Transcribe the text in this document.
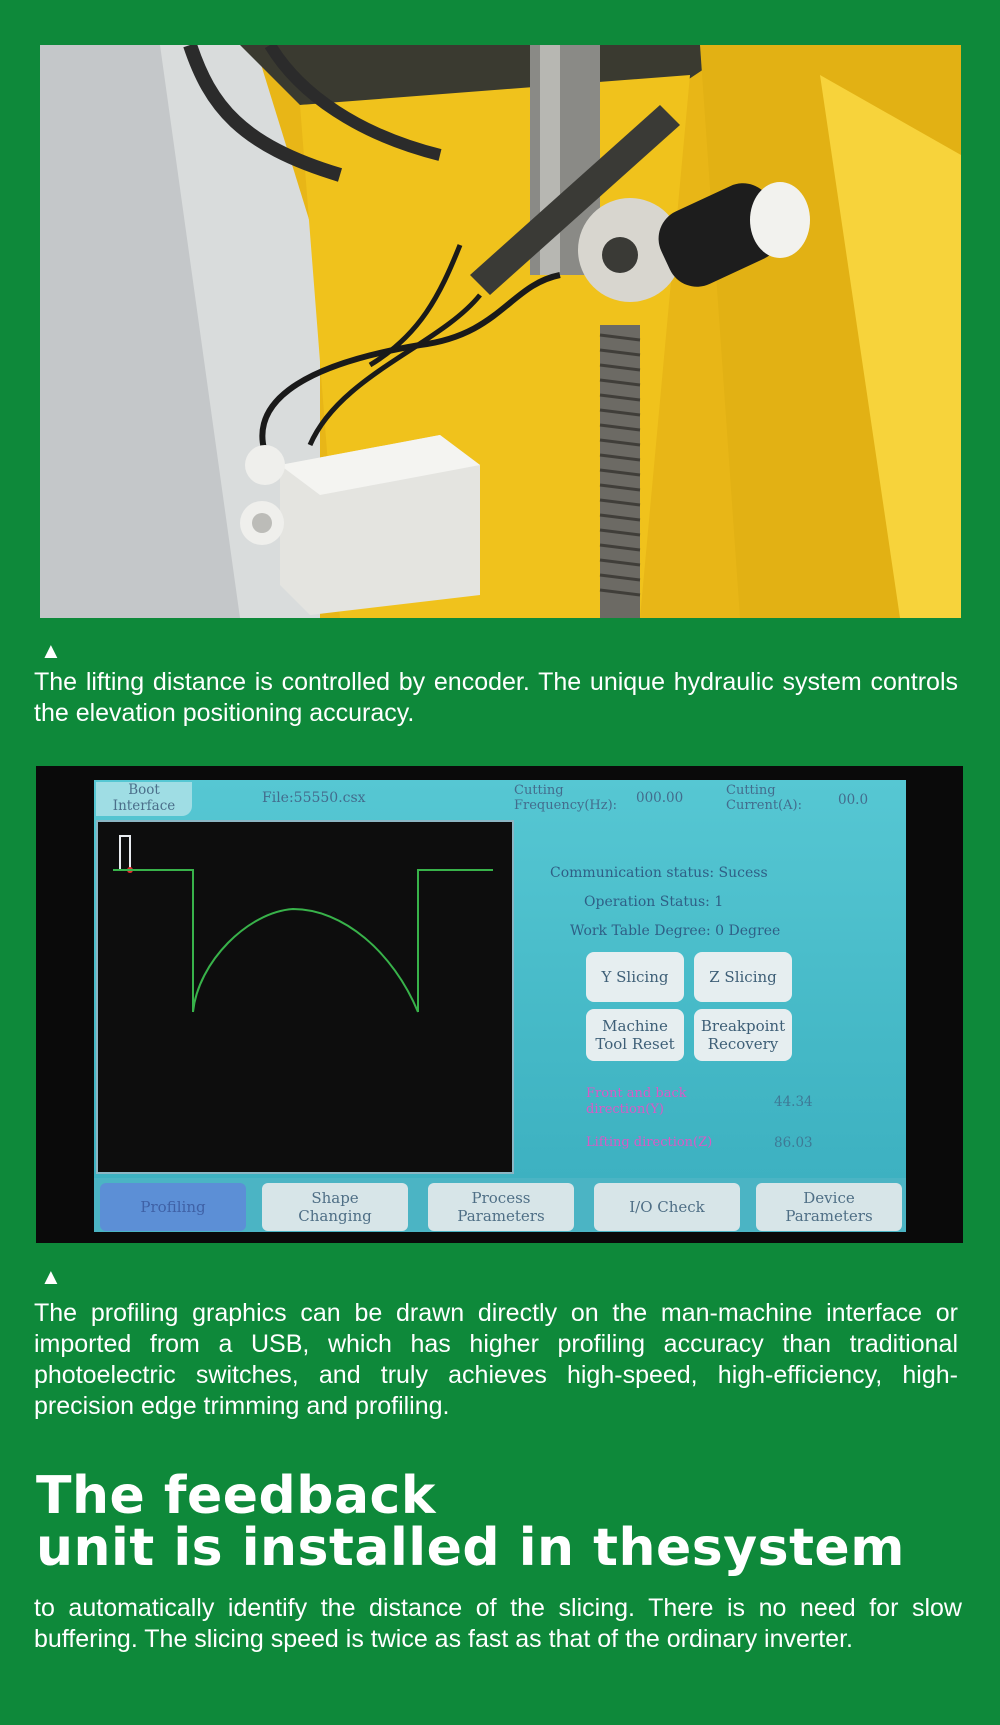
▲
The lifting distance is controlled by encoder. The unique hydraulic system controls the elevation positioning accuracy.
Boot
Interface	File:55550.csx	Cutting
Frequency(Hz): 000.00	Cutting
Current(A):	00.0
Communication status: Sucess
Operation Status: 1
Work Table Degree: 0 Degree
Y Slicing	Z Slicing
Machine
Tool Reset
Breakpoint
Recovery
Front and back
direction(Y)	44.34
Lifting direction(Z)	86.03
Profiling	Shape
Changing
Process
Parameters	I/O Check	Device
Parameters
▲
The profiling graphics can be drawn directly on the man-machine interface or imported from a USB, which has higher profiling accuracy than traditional photoelectric switches, and truly achieves high-speed, high-efficiency, high-precision edge trimming and profiling.
The feedback
unit is installed in thesystem
to automatically identify the distance of the slicing. There is no need for slow buffering. The slicing speed is twice as fast as that of the ordinary inverter.
